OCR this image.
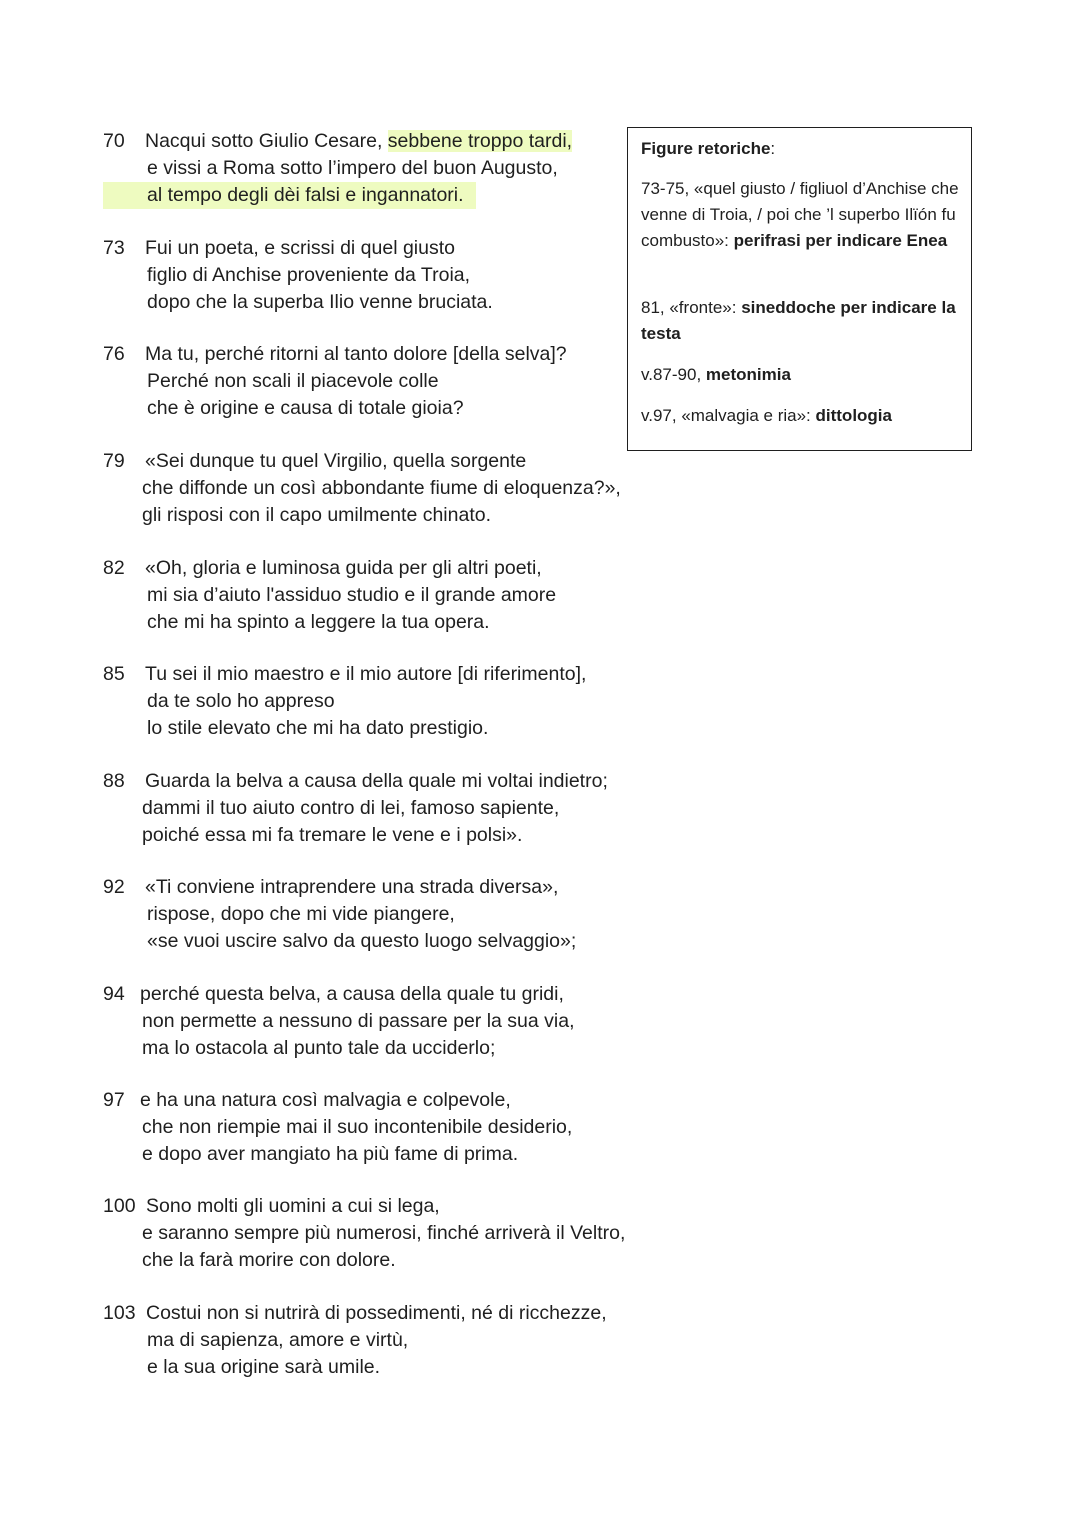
70 Nacqui sotto Giulio Cesare, sebbene troppo tardi,
e vissi a Roma sotto l’impero del buon Augusto,
al tempo degli dèi falsi e ingannatori.
73 Fui un poeta, e scrissi di quel giusto
figlio di Anchise proveniente da Troia,
dopo che la superba Ilio venne bruciata.
76 Ma tu, perché ritorni al tanto dolore [della selva]?
Perché non scali il piacevole colle
che è origine e causa di totale gioia?
79 «Sei dunque tu quel Virgilio, quella sorgente
che diffonde un così abbondante fiume di eloquenza?»,
gli risposi con il capo umilmente chinato.
82 «Oh, gloria e luminosa guida per gli altri poeti,
mi sia d’aiuto l'assiduo studio e il grande amore
che mi ha spinto a leggere la tua opera.
85 Tu sei il mio maestro e il mio autore [di riferimento],
da te solo ho appreso
lo stile elevato che mi ha dato prestigio.
88 Guarda la belva a causa della quale mi voltai indietro;
dammi il tuo aiuto contro di lei, famoso sapiente,
poiché essa mi fa tremare le vene e i polsi».
92 «Ti conviene intraprendere una strada diversa»,
rispose, dopo che mi vide piangere,
«se vuoi uscire salvo da questo luogo selvaggio»;
94 perché questa belva, a causa della quale tu gridi,
non permette a nessuno di passare per la sua via,
ma lo ostacola al punto tale da ucciderlo;
97 e ha una natura così malvagia e colpevole,
che non riempie mai il suo incontenibile desiderio,
e dopo aver mangiato ha più fame di prima.
100 Sono molti gli uomini a cui si lega,
e saranno sempre più numerosi, finché arriverà il Veltro,
che la farà morire con dolore.
103 Costui non si nutrirà di possedimenti, né di ricchezze,
ma di sapienza, amore e virtù,
e la sua origine sarà umile.
Figure retoriche:
73-75, «quel giusto / figliuol d’Anchise che venne di Troia, / poi che ’l superbo Ilïón fu combusto»: perifrasi per indicare Enea
81, «fronte»: sineddoche per indicare la testa
v.87-90, metonimia
v.97, «malvagia e ria»: dittologia
